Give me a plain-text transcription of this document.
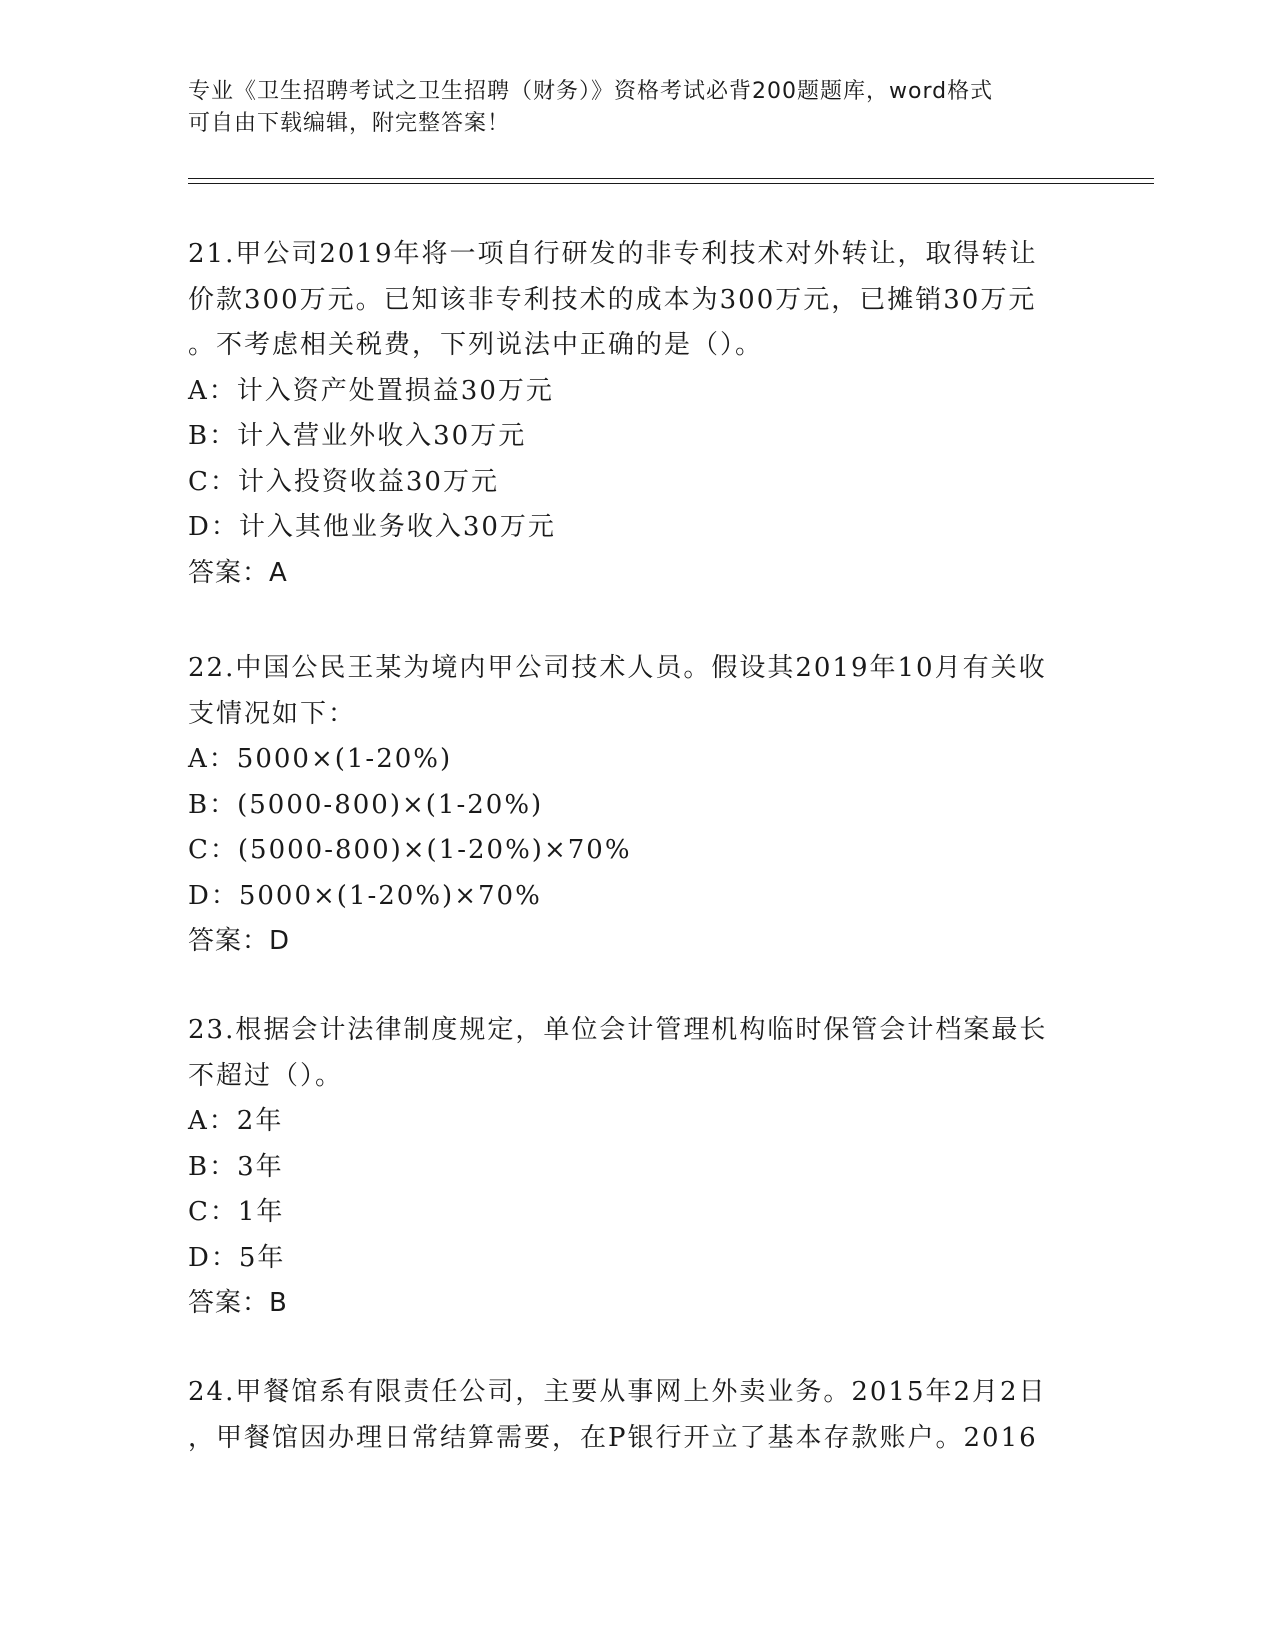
专业《卫生招聘考试之卫生招聘（财务）》资格考试必背200题题库，word格式
可自由下载编辑，附完整答案！
21.甲公司2019年将一项自行研发的非专利技术对外转让，取得转让
价款300万元。已知该非专利技术的成本为300万元，已摊销30万元
。不考虑相关税费，下列说法中正确的是（）。
A：计入资产处置损益30万元
B：计入营业外收入30万元
C：计入投资收益30万元
D：计入其他业务收入30万元
答案：A
22.中国公民王某为境内甲公司技术人员。假设其2019年10月有关收
支情况如下：
A：5000×(1-20%)
B：(5000-800)×(1-20%)
C：(5000-800)×(1-20%)×70%
D：5000×(1-20%)×70%
答案：D
23.根据会计法律制度规定，单位会计管理机构临时保管会计档案最长
不超过（）。
A：2年
B：3年
C：1年
D：5年
答案：B
24.甲餐馆系有限责任公司，主要从事网上外卖业务。2015年2月2日
，甲餐馆因办理日常结算需要，在P银行开立了基本存款账户。2016
